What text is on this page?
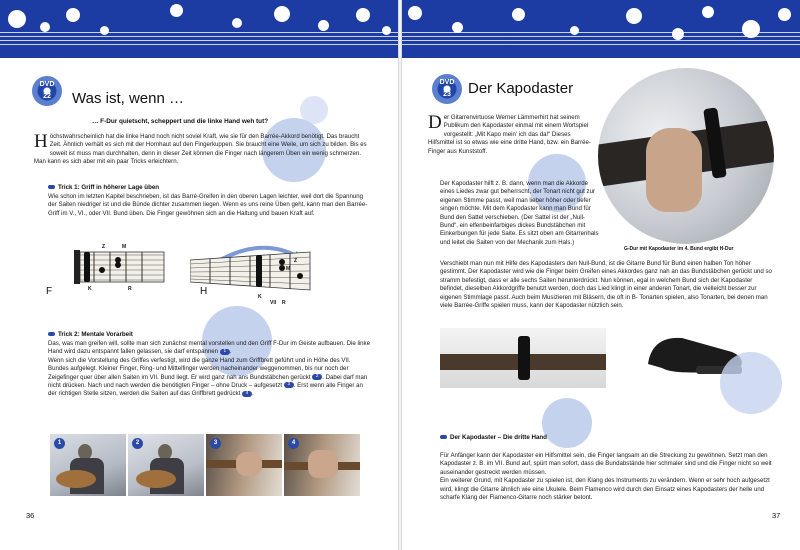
DVD
22	Was ist, wenn …
… F-Dur quietscht, scheppert und die linke Hand weh tut?
Höchstwahrscheinlich hat die linke Hand noch nicht soviel Kraft, wie sie für den Barrée-Akkord benötigt. Das braucht Zeit. Ähnlich verhält es sich mit der Hornhaut auf den Fingerkuppen. Sie braucht eine Weile, um sich zu bilden. Bis es soweit ist muss man durchhalten, denn in dieser Zeit können die Finger nach längerem Üben ein wenig schmerzen. Man kann es sich aber mit ein paar Tricks erleichtern.
Trick 1: Griff in höherer Lage üben
Wie schon im letzten Kapitel beschrieben, ist das Barré-Greifen in den oberen Lagen leichter, weil dort die Spannung der Saiten niedriger ist und die Bünde dichter zusammen liegen. Wenn es uns reine Üben geht, kann man den Barrée-Griff im V., VI., oder VII. Bund üben. Die Finger gewöhnen sich an die Haltung und bauen Kraft auf.
F
Z	M
K	R	H
M
Z
K
VII R
Trick 2: Mentale Vorarbeit

Das, was man greifen will, sollte man sich zunächst mental vorstellen und den Griff F-Dur im Geiste aufbauen. Die linke Hand wird dazu entspannt fallen gelassen, sie darf entspannen 1 .

Wenn sich die Vorstellung des Griffes verfestigt, wird die ganze Hand zum Griffbrett geführt und in Höhe des VII. Bundes aufgelegt. Kleiner Finger, Ring- und Mittelfinger werden nacheinander weggenommen, bis nur noch der Zeigefinger quer über allen Saiten im VII. Bund liegt. Er wird ganz nah ans Bundstäbchen gerückt 2 . Dabei darf man nicht drücken. Nach und nach werden die benötigten Finger – ohne Druck – aufgesetzt 3 . Erst wenn alle Finger an der richtigen Stelle sitzen, werden die Saiten auf das Griffbrett gedrückt 4 .

1	2	3	4
36
DVD
23	Der Kapodaster
G-Dur mit Kapodaster im 4. Bund ergibt H-Dur
Der Gitarrenvirtuose Werner Lämmerhirt hat seinem Publikum den Kapodaster einmal mit einem Wortspiel vorgestellt: „Mit Kapo mein' ich das da!“ Dieses Hilfsmittel ist so etwas wie eine dritte Hand, bzw. ein Barrée-Finger aus Kunststoff.
Der Kapodaster hilft z. B. dann, wenn man die Akkorde eines Liedes zwar gut beherrscht, der Tonart nicht gut zur eigenen Stimme passt, weil man lieber höher oder tiefer singen möchte. Mit dem Kapodaster kann man Bund für Bund den Sattel verschieben. (Der Sattel ist der „Null-Bund“, ein elfenbeinfarbiges dickes Bundstäbchen mit Einkerbungen für jede Saite. Es sitzt oben am Gitarrenhals und leitet die Saiten von der Mechanik zum Hals.)
Verschiebt man nun mit Hilfe des Kapodasters den Null-Bund, ist die Gitarre Bund für Bund einen halben Ton höher gestimmt. Der Kapodaster wird wie die Finger beim Greifen eines Akkordes ganz nah an das Bundstäbchen gerückt und so stramm befestigt, dass er alle sechs Saiten herunterdrückt. Nun können, egal in welchem Bund sich der Kapodaster befindet, dieselben Akkordgriffe benutzt werden, doch das Lied klingt in einer anderen Tonart, die vielleicht besser zur eigenen Stimmlage passt. Auch beim Musizieren mit Bläsern, die oft in B- Tonarten spielen, also Tonarten, bei denen man viele Barrée-Griffe spielen muss, kann der Kapodaster nützlich sein.
Der Kapodaster – Die dritte Hand

Für Anfänger kann der Kapodaster ein Hilfsmittel sein, die Finger langsam an die Streckung zu gewöhnen. Setzt man den Kapodaster z. B. im VII. Bund auf, spürt man sofort, dass die Bundabstände hier schmaler sind und die Finger nicht so weit auseinander gestreckt werden müssen.

Ein weiterer Grund, mit Kapodaster zu spielen ist, den Klang des Instruments zu verändern. Wenn er sehr hoch aufgesetzt wird, klingt die Gitarre ähnlich wie eine Ukulele. Beim Flamenco wird durch den Einsatz eines Kapodasters der helle und scharfe Klang der Flamenco-Gitarre noch stärker betont.

37
